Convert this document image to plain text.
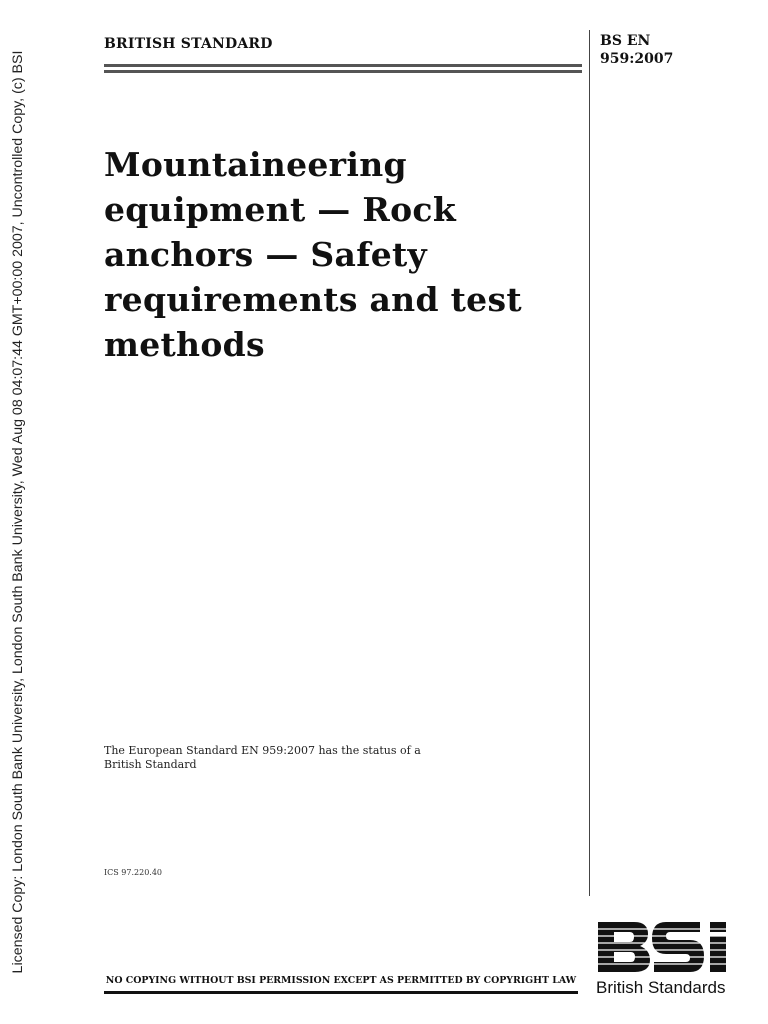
Licensed Copy: London South Bank University, London South Bank University, Wed Aug 08 04:07:44 GMT+00:00 2007, Uncontrolled Copy, (c) BSI
BRITISH STANDARD	BS EN
959:2007
Mountaineering
equipment — Rock
anchors — Safety
requirements and test
methods
The European Standard EN 959:2007 has the status of a
British Standard
ICS 97.220.40
NO COPYING WITHOUT BSI PERMISSION EXCEPT AS PERMITTED BY COPYRIGHT LAW British Standards
